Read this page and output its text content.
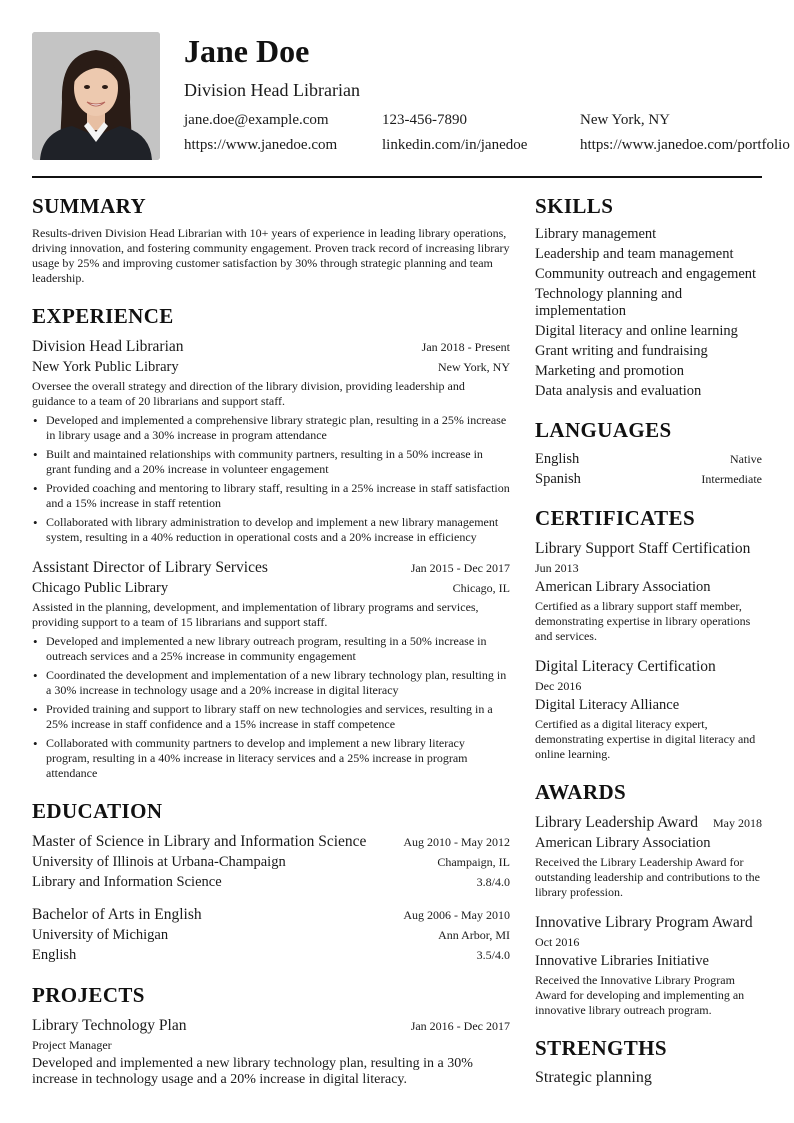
Jane Doe
Division Head Librarian
jane.doe@example.com	123-456-7890	New York, NY
https://www.janedoe.com	linkedin.com/in/janedoe	https://www.janedoe.com/portfolio
SUMMARY
Results-driven Division Head Librarian with 10+ years of experience in leading library operations, driving innovation, and fostering community engagement. Proven track record of increasing library usage by 25% and improving customer satisfaction by 30% through strategic planning and team leadership.
EXPERIENCE
Division Head Librarian	Jan 2018 - Present
New York Public Library	New York, NY
Oversee the overall strategy and direction of the library division, providing leadership and guidance to a team of 20 librarians and support staff.
• Developed and implemented a comprehensive library strategic plan, resulting in a 25% increase in library usage and a 30% increase in program attendance
• Built and maintained relationships with community partners, resulting in a 50% increase in grant funding and a 20% increase in volunteer engagement
• Provided coaching and mentoring to library staff, resulting in a 25% increase in staff satisfaction and a 15% increase in staff retention
• Collaborated with library administration to develop and implement a new library management system, resulting in a 40% reduction in operational costs and a 20% increase in efficiency
Assistant Director of Library Services	Jan 2015 - Dec 2017
Chicago Public Library	Chicago, IL
Assisted in the planning, development, and implementation of library programs and services, providing support to a team of 15 librarians and support staff.
• Developed and implemented a new library outreach program, resulting in a 50% increase in outreach services and a 25% increase in community engagement
• Coordinated the development and implementation of a new library technology plan, resulting in a 30% increase in technology usage and a 20% increase in digital literacy
• Provided training and support to library staff on new technologies and services, resulting in a 25% increase in staff confidence and a 15% increase in staff competence
• Collaborated with community partners to develop and implement a new library literacy program, resulting in a 40% increase in literacy services and a 25% increase in program attendance
EDUCATION
Master of Science in Library and Information Science	Aug 2010 - May 2012
University of Illinois at Urbana-Champaign	Champaign, IL
Library and Information Science	3.8/4.0
Bachelor of Arts in English	Aug 2006 - May 2010
University of Michigan	Ann Arbor, MI
English	3.5/4.0
PROJECTS
Library Technology Plan	Jan 2016 - Dec 2017
Project Manager
Developed and implemented a new library technology plan, resulting in a 30% increase in technology usage and a 20% increase in digital literacy.
SKILLS
Library management
Leadership and team management
Community outreach and engagement
Technology planning and implementation
Digital literacy and online learning
Grant writing and fundraising
Marketing and promotion
Data analysis and evaluation
LANGUAGES
English	Native
Spanish	Intermediate
CERTIFICATES
Library Support Staff Certification
Jun 2013
American Library Association
Certified as a library support staff member, demonstrating expertise in library operations and services.
Digital Literacy Certification
Dec 2016
Digital Literacy Alliance
Certified as a digital literacy expert, demonstrating expertise in digital literacy and online learning.
AWARDS
Library Leadership Award May 2018
American Library Association
Received the Library Leadership Award for outstanding leadership and contributions to the library profession.
Innovative Library Program Award
Oct 2016
Innovative Libraries Initiative
Received the Innovative Library Program Award for developing and implementing an innovative library outreach program.
STRENGTHS
Strategic planning
